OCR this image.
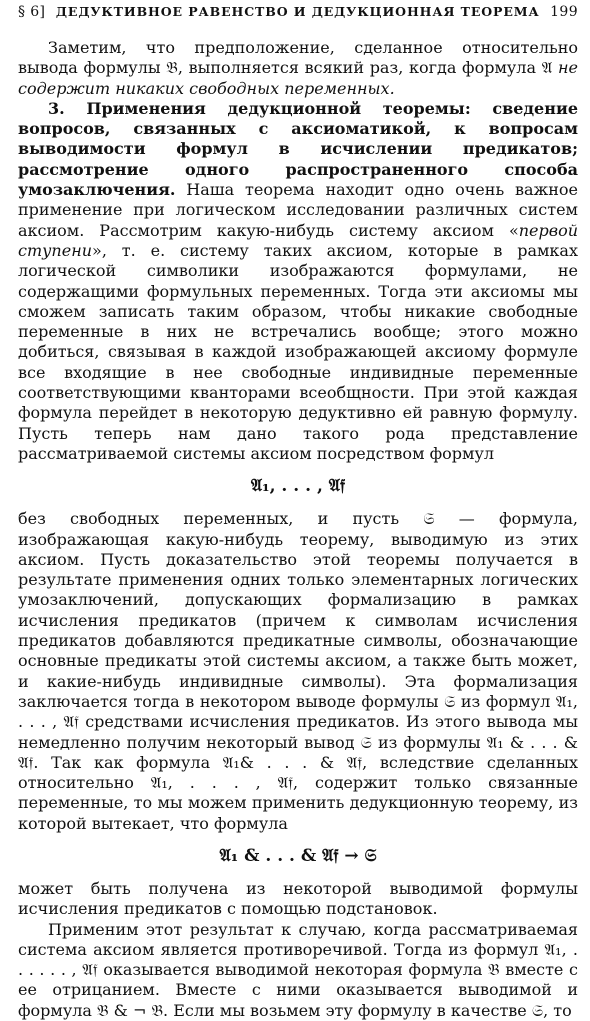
§ 6] ДЕДУКТИВНОЕ РАВЕНСТВО И ДЕДУКЦИОННАЯ ТЕОРЕМА 199

Заметим, что предположение, сделанное относительно вывода формулы 𝔅, выполняется всякий раз, когда формула 𝔄 не содержит никаких свободных переменных.

3. Применения дедукционной теоремы: сведение вопросов, связанных с аксиоматикой, к вопросам выводимости формул в исчислении предикатов; рассмотрение одного распространенного способа умозаключения. Наша теорема находит одно очень важное применение при логическом исследовании различных систем аксиом. Рассмотрим какую-нибудь систему аксиом «первой ступени», т. е. систему таких аксиом, которые в рамках логической символики изображаются формулами, не содержащими формульных переменных. Тогда эти аксиомы мы сможем записать таким образом, чтобы никакие свободные переменные в них не встречались вообще; этого можно добиться, связывая в каждой изображающей аксиому формуле все входящие в нее свободные индивидные переменные соответствующими кванторами всеобщности. При этой каждая формула перейдет в некоторую дедуктивно ей равную формулу. Пусть теперь нам дано такого рода представление рассматриваемой системы аксиом посредством формул

𝔄₁, . . . , 𝔄𝔣

без свободных переменных, и пусть 𝔖 — формула, изображающая какую-нибудь теорему, выводимую из этих аксиом. Пусть доказательство этой теоремы получается в результате применения одних только элементарных логических умозаключений, допускающих формализацию в рамках исчисления предикатов (причем к символам исчисления предикатов добавляются предикатные символы, обозначающие основные предикаты этой системы аксиом, а также быть может, и какие-нибудь индивидные символы). Эта формализация заключается тогда в некотором выводе формулы 𝔖 из формул 𝔄₁, . . . , 𝔄𝔣 средствами исчисления предикатов. Из этого вывода мы немедленно получим некоторый вывод 𝔖 из формулы 𝔄₁ & . . . & 𝔄𝔣. Так как формула 𝔄₁& . . . & 𝔄𝔣, вследствие сделанных относительно 𝔄₁, . . . , 𝔄𝔣, содержит только связанные переменные, то мы можем применить дедукционную теорему, из которой вытекает, что формула

𝔄₁ & . . . & 𝔄𝔣 → 𝔖

может быть получена из некоторой выводимой формулы исчисления предикатов с помощью подстановок.

Применим этот результат к случаю, когда рассматриваемая система аксиом является противоречивой. Тогда из формул 𝔄₁, . . . . . . , 𝔄𝔣 оказывается выводимой некоторая формула 𝔅 вместе с ее отрицанием. Вместе с ними оказывается выводимой и формула 𝔅 & ¬ 𝔅. Если мы возьмем эту формулу в качестве 𝔖, то
